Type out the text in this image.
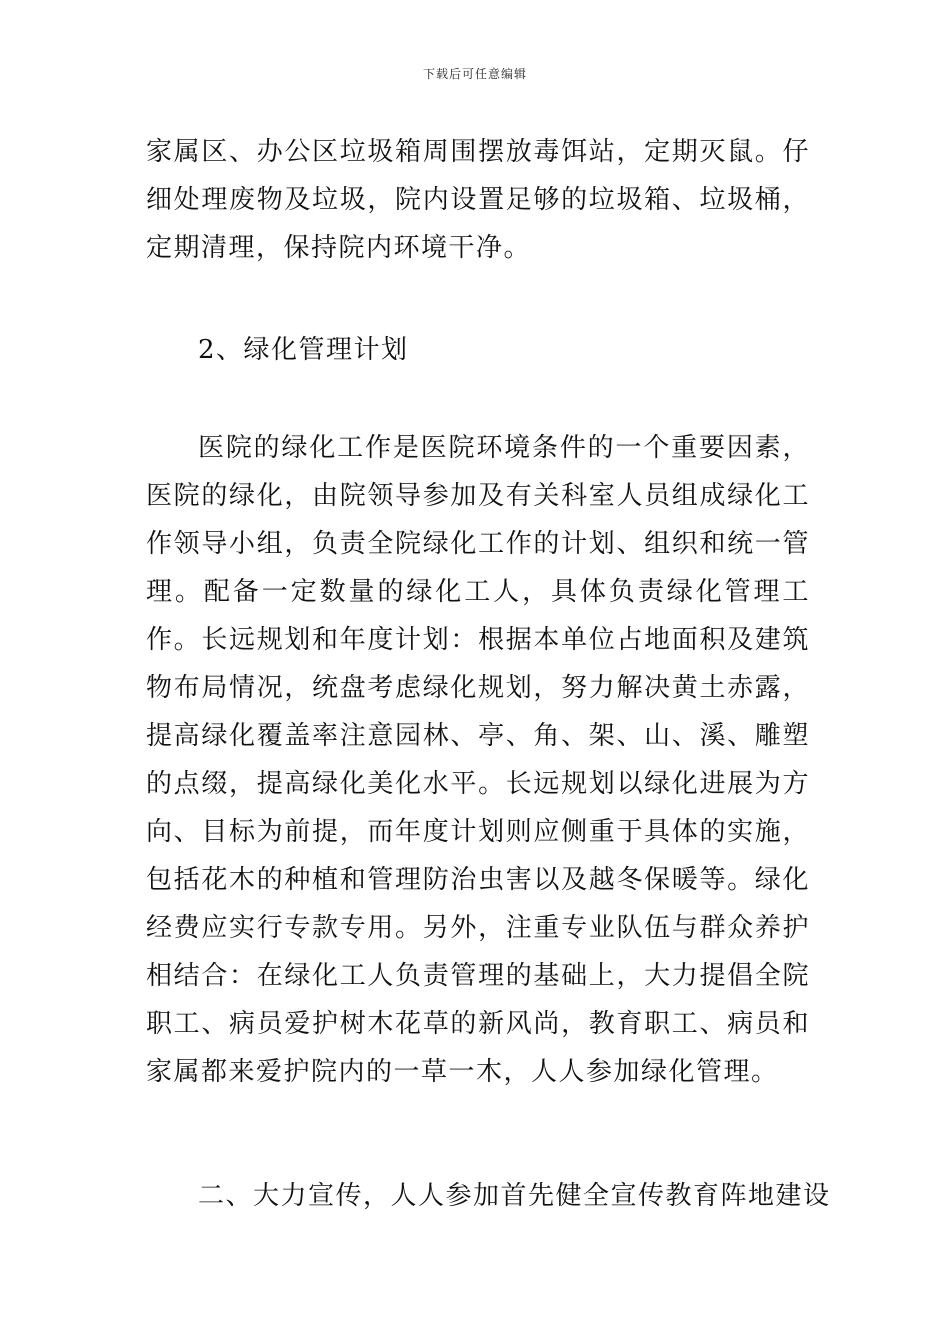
下载后可任意编辑

家属区、办公区垃圾箱周围摆放毒饵站，定期灭鼠。仔细处理废物及垃圾，院内设置足够的垃圾箱、垃圾桶，定期清理，保持院内环境干净。

2、绿化管理计划

医院的绿化工作是医院环境条件的一个重要因素，医院的绿化，由院领导参加及有关科室人员组成绿化工作领导小组，负责全院绿化工作的计划、组织和统一管理。配备一定数量的绿化工人，具体负责绿化管理工作。长远规划和年度计划：根据本单位占地面积及建筑物布局情况，统盘考虑绿化规划，努力解决黄土赤露，提高绿化覆盖率注意园林、亭、角、架、山、溪、雕塑的点缀，提高绿化美化水平。长远规划以绿化进展为方向、目标为前提，而年度计划则应侧重于具体的实施，包括花木的种植和管理防治虫害以及越冬保暖等。绿化经费应实行专款专用。另外，注重专业队伍与群众养护相结合：在绿化工人负责管理的基础上，大力提倡全院职工、病员爱护树木花草的新风尚，教育职工、病员和家属都来爱护院内的一草一木，人人参加绿化管理。

二、大力宣传，人人参加首先健全宣传教育阵地建设
